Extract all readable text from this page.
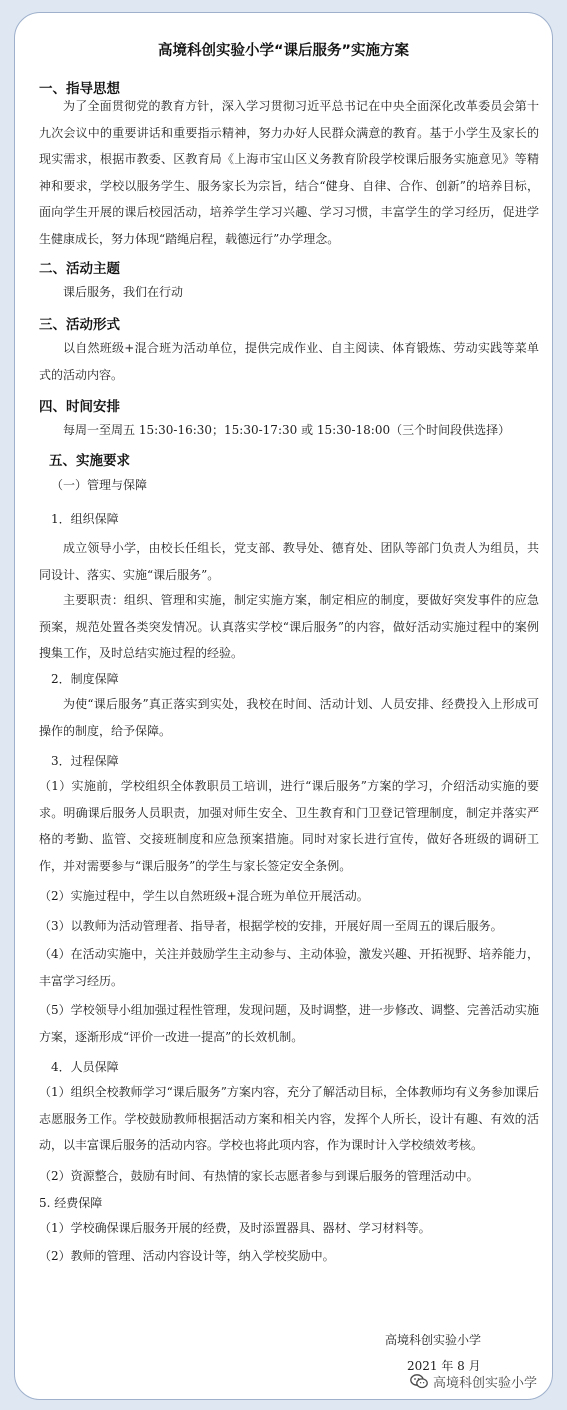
高境科创实验小学“课后服务”实施方案
一、指导思想
为了全面贯彻党的教育方针，深入学习贯彻习近平总书记在中央全面深化改革委员会第十九次会议中的重要讲话和重要指示精神，努力办好人民群众满意的教育。基于小学生及家长的现实需求，根据市教委、区教育局《上海市宝山区义务教育阶段学校课后服务实施意见》等精神和要求，学校以服务学生、服务家长为宗旨，结合“健身、自律、合作、创新”的培养目标，面向学生开展的课后校园活动，培养学生学习兴趣、学习习惯，丰富学生的学习经历，促进学生健康成长，努力体现“踏绳启程，载德远行”办学理念。
二、活动主题
课后服务，我们在行动
三、活动形式
以自然班级+混合班为活动单位，提供完成作业、自主阅读、体育锻炼、劳动实践等菜单式的活动内容。
四、时间安排
每周一至周五 15:30-16:30；15:30-17:30 或 15:30-18:00（三个时间段供选择）
五、实施要求
（一）管理与保障
1．组织保障
成立领导小学，由校长任组长，党支部、教导处、德育处、团队等部门负责人为组员，共同设计、落实、实施“课后服务”。
主要职责：组织、管理和实施，制定实施方案，制定相应的制度，要做好突发事件的应急预案，规范处置各类突发情况。认真落实学校“课后服务”的内容，做好活动实施过程中的案例搜集工作，及时总结实施过程的经验。
2．制度保障
为使“课后服务”真正落实到实处，我校在时间、活动计划、人员安排、经费投入上形成可操作的制度，给予保障。
3．过程保障
（1）实施前，学校组织全体教职员工培训，进行“课后服务”方案的学习，介绍活动实施的要求。明确课后服务人员职责，加强对师生安全、卫生教育和门卫登记管理制度，制定并落实严格的考勤、监管、交接班制度和应急预案措施。同时对家长进行宣传，做好各班级的调研工作，并对需要参与“课后服务”的学生与家长签定安全条例。
（2）实施过程中，学生以自然班级+混合班为单位开展活动。
（3）以教师为活动管理者、指导者，根据学校的安排，开展好周一至周五的课后服务。
（4）在活动实施中，关注并鼓励学生主动参与、主动体验，激发兴趣、开拓视野、培养能力，丰富学习经历。
（5）学校领导小组加强过程性管理，发现问题，及时调整，进一步修改、调整、完善活动实施方案，逐渐形成“评价一改进一提高”的长效机制。
4．人员保障
（1）组织全校教师学习“课后服务”方案内容，充分了解活动目标，全体教师均有义务参加课后志愿服务工作。学校鼓励教师根据活动方案和相关内容，发挥个人所长，设计有趣、有效的活动，以丰富课后服务的活动内容。学校也将此项内容，作为课时计入学校绩效考核。
（2）资源整合，鼓励有时间、有热情的家长志愿者参与到课后服务的管理活动中。
5. 经费保障
（1）学校确保课后服务开展的经费，及时添置器具、器材、学习材料等。
（2）教师的管理、活动内容设计等，纳入学校奖励中。
高境科创实验小学
2021 年 8 月
高境科创实验小学
